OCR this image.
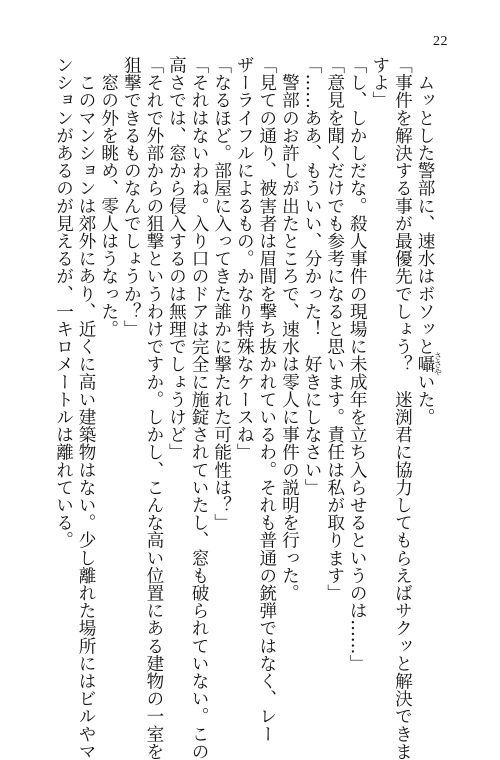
22
　ムッとした警部に、速水はボソッと囁ささやいた。
「事件を解決する事が最優先でしょう？　迷渕君に協力してもらえばサクッと解決できま
すよ」
「し、しかしだな。殺人事件の現場に未成年を立ち入らせるというのは……」
「意見を聞くだけでも参考になると思います。責任は私が取ります」
「……ああ、もういい、分かった！　好きにしなさい」
　警部のお許しが出たところで、速水は零人に事件の説明を行った。
「見ての通り、被害者は眉間を撃ち抜かれているわ。それも普通の銃弾ではなく、レー
ザーライフルによるもの。かなり特殊なケースね」
「なるほど。部屋に入ってきた誰かに撃たれた可能性は？」
「それはないわね。入り口のドアは完全に施錠されていたし、窓も破られていない。この
高さでは、窓から侵入するのは無理でしょうけど」
「それで外部からの狙撃というわけですか。しかし、こんな高い位置にある建物の一室を
狙撃できるものなんでしょうか？」
　窓の外を眺め、零人はうなった。
　このマンションは郊外にあり、近くに高い建築物はない。少し離れた場所にはビルやマ
ンションがあるのが見えるが、一キロメートルは離れている。
